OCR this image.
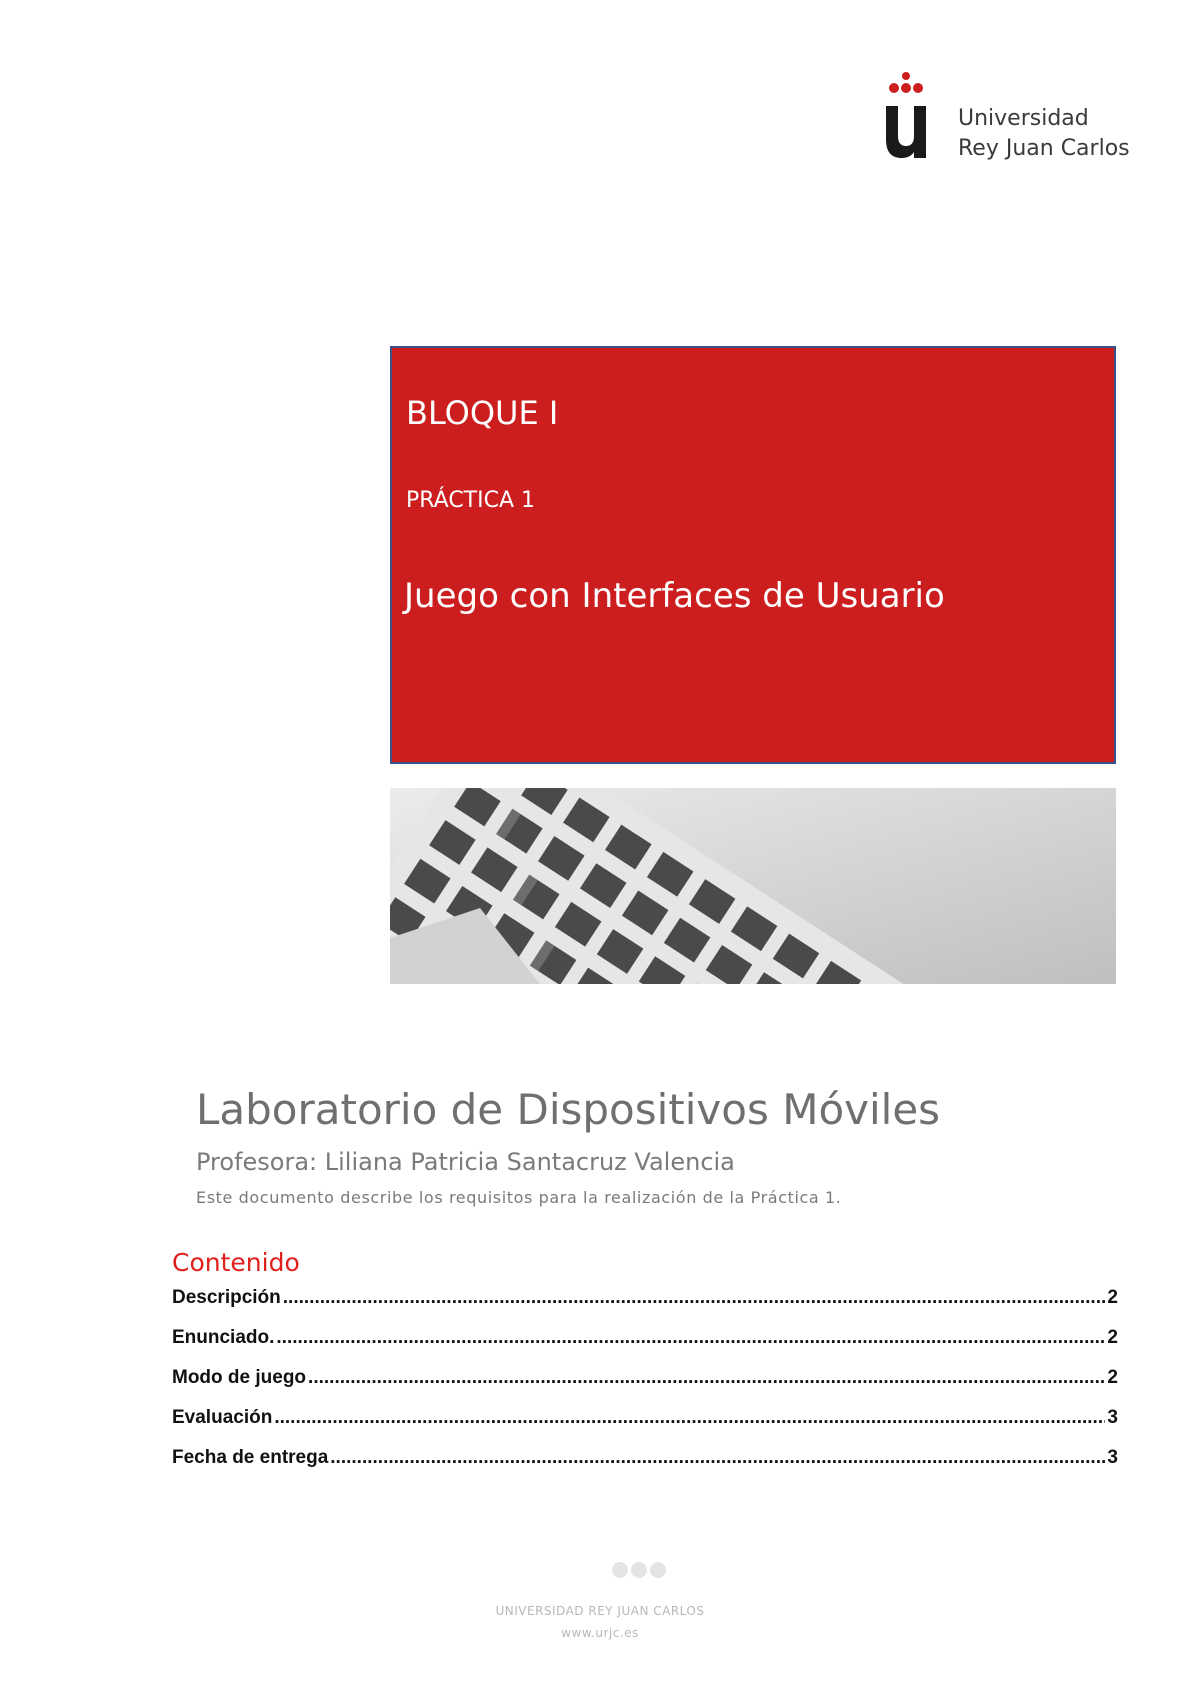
Universidad
Rey Juan Carlos
BLOQUE I
PRÁCTICA 1
Juego con Interfaces de Usuario
Laboratorio de Dispositivos Móviles
Profesora: Liliana Patricia Santacruz Valencia
Este documento describe los requisitos para la realización de la Práctica 1.
Contenido
Descripción .....	2
Enunciado. .....	2
Modo de juego .....	2
Evaluación .....	3
Fecha de entrega .....	3
UNIVERSIDAD REY JUAN CARLOS
www.urjc.es
